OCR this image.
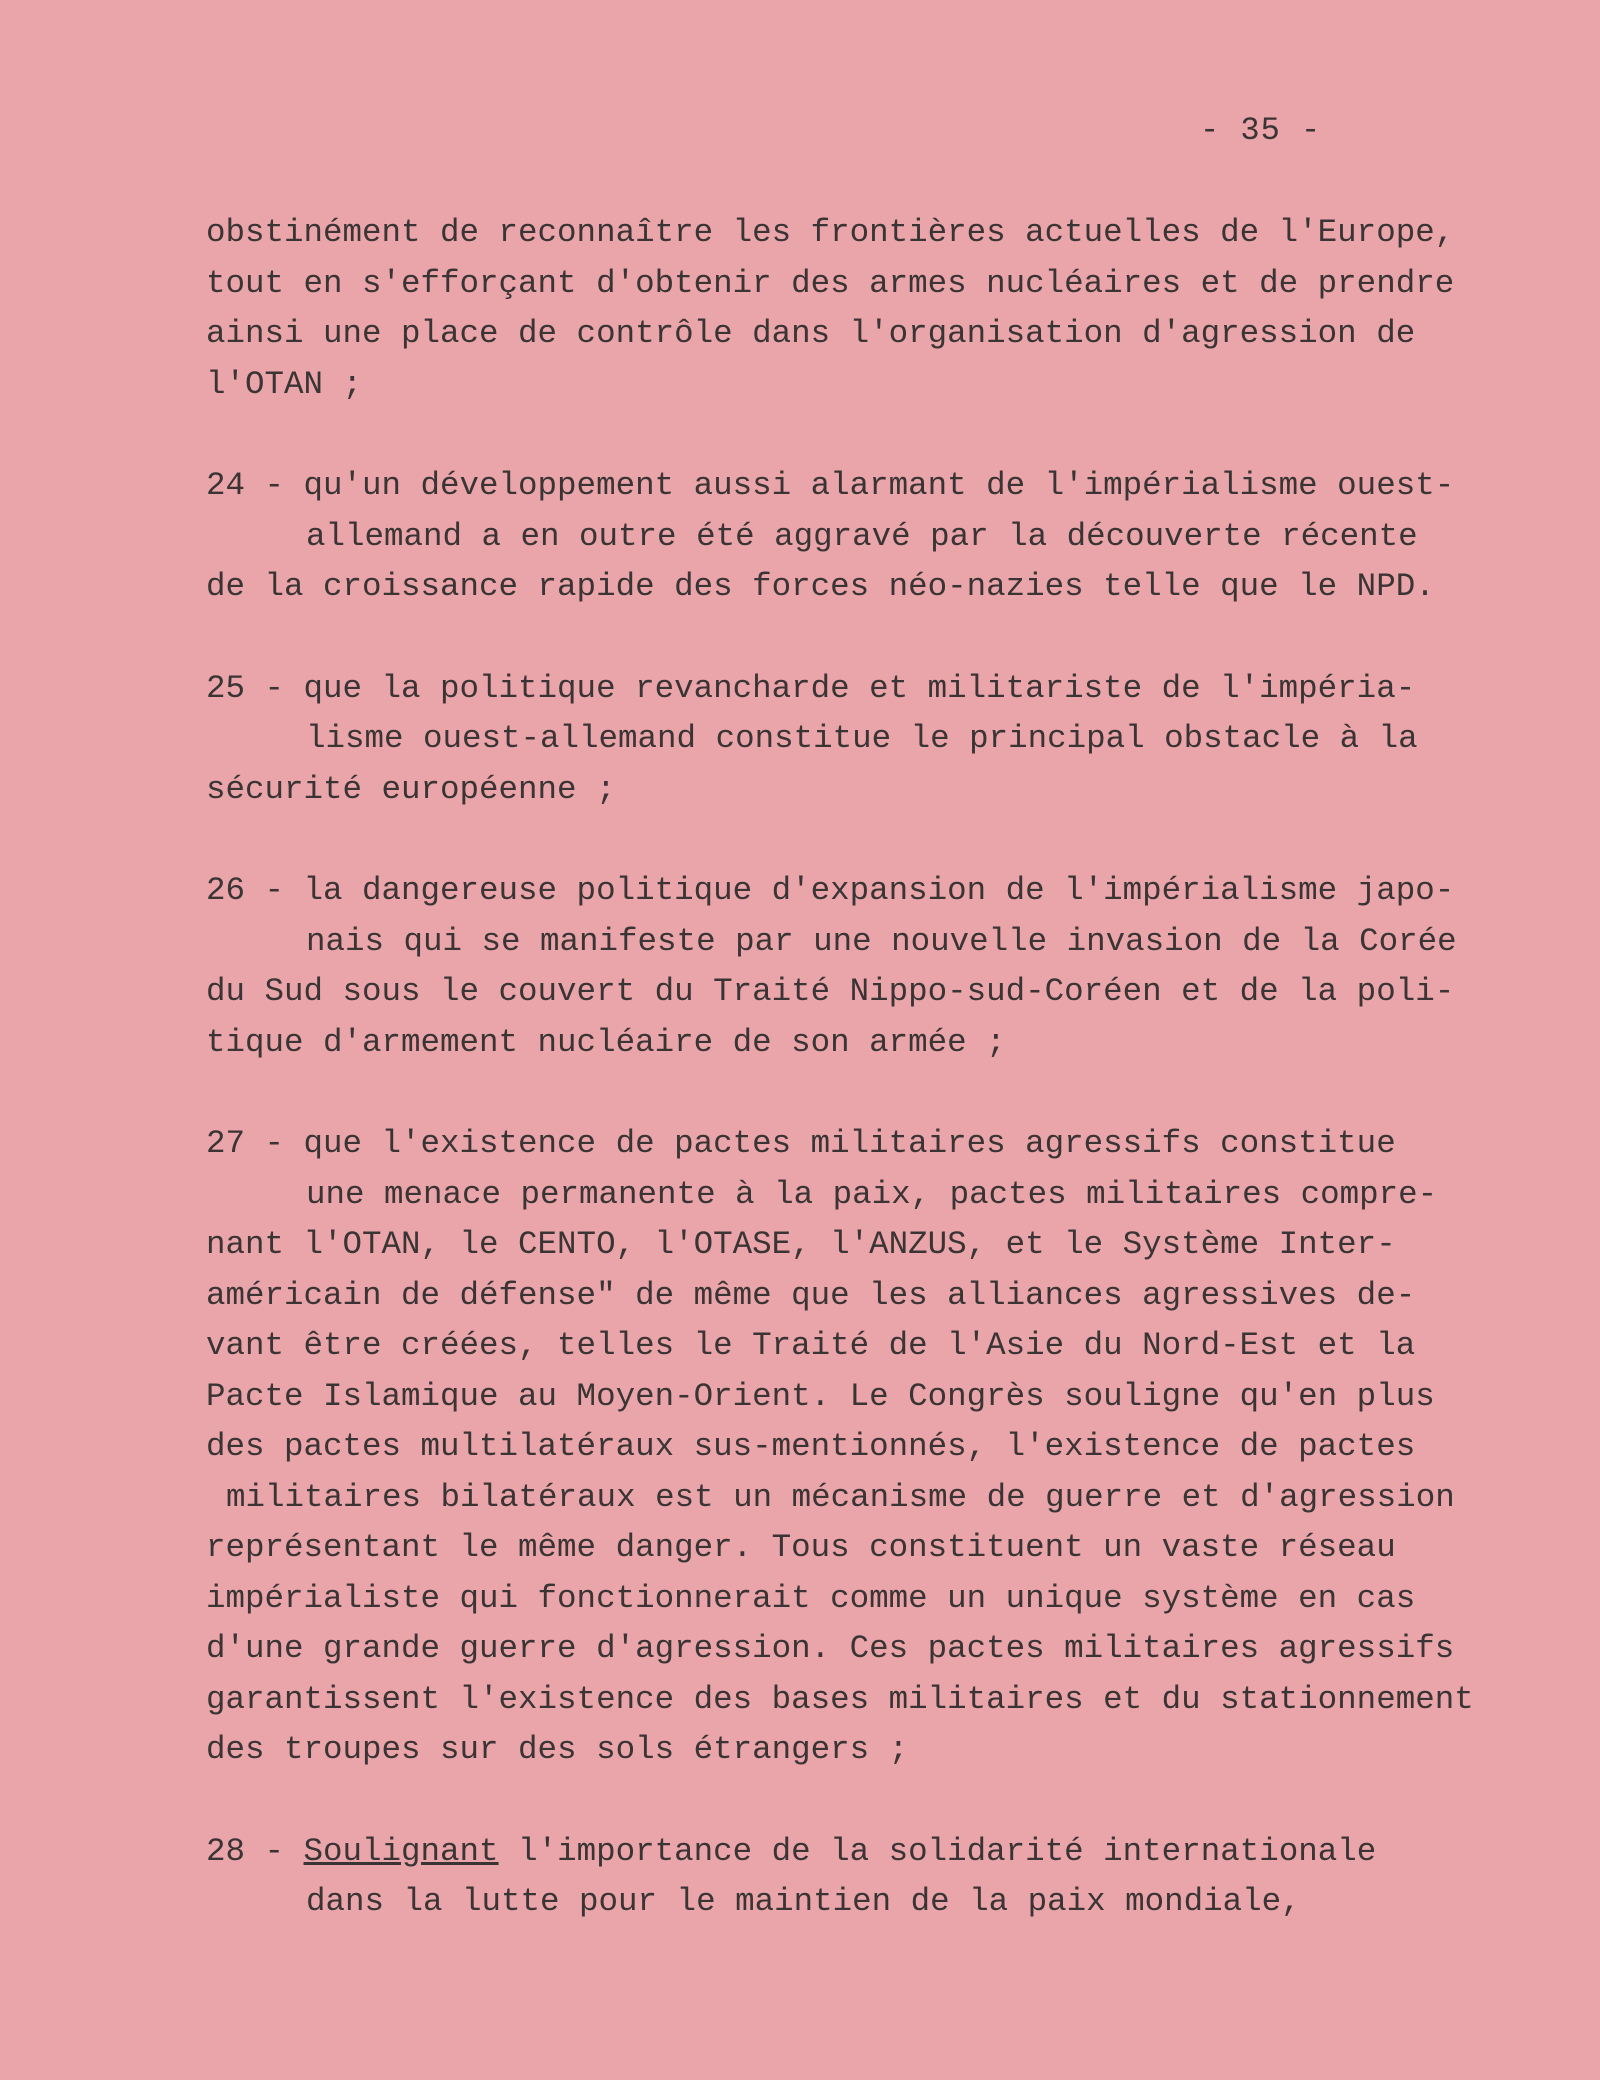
- 35 -
obstinément de reconnaître les frontières actuelles de l'Europe,
tout en s'efforçant d'obtenir des armes nucléaires et de prendre
ainsi une place de contrôle dans l'organisation d'agression de
l'OTAN ;
24 - qu'un développement aussi alarmant de l'impérialisme ouest-
allemand a en outre été aggravé par la découverte récente
de la croissance rapide des forces néo-nazies telle que le NPD.
25 - que la politique revancharde et militariste de l'impéria-
lisme ouest-allemand constitue le principal obstacle à la
sécurité européenne ;
26 - la dangereuse politique d'expansion de l'impérialisme japo-
nais qui se manifeste par une nouvelle invasion de la Corée
du Sud sous le couvert du Traité Nippo-sud-Coréen et de la poli-
tique d'armement nucléaire de son armée ;
27 - que l'existence de pactes militaires agressifs constitue
une menace permanente à la paix, pactes militaires compre-
nant l'OTAN, le CENTO, l'OTASE, l'ANZUS, et le Système Inter-
américain de défense" de même que les alliances agressives de-
vant être créées, telles le Traité de l'Asie du Nord-Est et la
Pacte Islamique au Moyen-Orient. Le Congrès souligne qu'en plus
des pactes multilatéraux sus-mentionnés, l'existence de pactes
militaires bilatéraux est un mécanisme de guerre et d'agression
représentant le même danger. Tous constituent un vaste réseau
impérialiste qui fonctionnerait comme un unique système en cas
d'une grande guerre d'agression. Ces pactes militaires agressifs
garantissent l'existence des bases militaires et du stationnement
des troupes sur des sols étrangers ;
28 - Soulignant l'importance de la solidarité internationale
dans la lutte pour le maintien de la paix mondiale,
